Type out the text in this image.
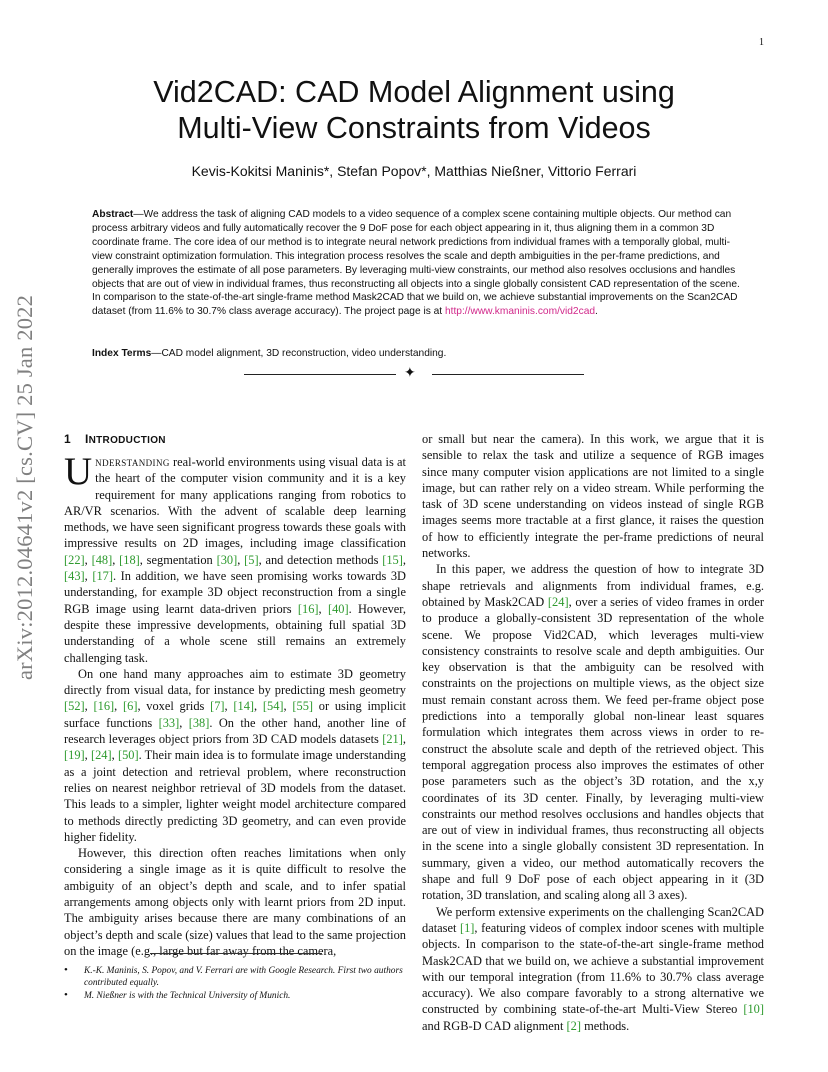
1
arXiv:2012.04641v2 [cs.CV] 25 Jan 2022
Vid2CAD: CAD Model Alignment using
Multi-View Constraints from Videos
Kevis-Kokitsi Maninis*, Stefan Popov*, Matthias Nießner, Vittorio Ferrari
Abstract—We address the task of aligning CAD models to a video sequence of a complex scene containing multiple objects. Our method can process arbitrary videos and fully automatically recover the 9 DoF pose for each object appearing in it, thus aligning them in a common 3D coordinate frame. The core idea of our method is to integrate neural network predictions from individual frames with a temporally global, multi-view constraint optimization formulation. This integration process resolves the scale and depth ambiguities in the per-frame predictions, and generally improves the estimate of all pose parameters. By leveraging multi-view constraints, our method also resolves occlusions and handles objects that are out of view in individual frames, thus reconstructing all objects into a single globally consistent CAD representation of the scene. In comparison to the state-of-the-art single-frame method Mask2CAD that we build on, we achieve substantial improvements on the Scan2CAD dataset (from 11.6% to 30.7% class average accuracy). The project page is at http://www.kmaninis.com/vid2cad.
Index Terms—CAD model alignment, 3D reconstruction, video understanding.
✦
1 INTRODUCTION

Understanding real-world environments using visual data is at the heart of the computer vision community and it is a key requirement for many applications ranging from robotics to AR/VR scenarios. With the advent of scalable deep learning methods, we have seen significant progress towards these goals with impressive results on 2D images, including image classification [22], [48], [18], segmentation [30], [5], and detection methods [15], [43], [17]. In addition, we have seen promising works towards 3D understanding, for example 3D object reconstruction from a single RGB image using learnt data-driven priors [16], [40]. However, despite these impressive developments, obtaining full spatial 3D understanding of a whole scene still remains an extremely challenging task.

On one hand many approaches aim to estimate 3D geometry directly from visual data, for instance by predicting mesh geometry [52], [16], [6], voxel grids [7], [14], [54], [55] or using implicit surface functions [33], [38]. On the other hand, another line of research leverages object priors from 3D CAD models datasets [21], [19], [24], [50]. Their main idea is to formulate image understanding as a joint detection and retrieval problem, where reconstruction relies on nearest neighbor retrieval of 3D models from the dataset. This leads to a simpler, lighter weight model architecture compared to methods directly predicting 3D geometry, and can even provide higher fidelity.

However, this direction often reaches limitations when only considering a single image as it is quite difficult to resolve the ambiguity of an object’s depth and scale, and to infer spatial arrangements among objects only with learnt priors from 2D input. The ambiguity arises because there are many combinations of an object’s depth and scale (size) values that lead to the same projection on the image (e.g., large but far away from the camera,

or small but near the camera). In this work, we argue that it is sensible to relax the task and utilize a sequence of RGB images since many computer vision applications are not limited to a single image, but can rather rely on a video stream. While performing the task of 3D scene understanding on videos instead of single RGB images seems more tractable at a first glance, it raises the question of how to efficiently integrate the per-frame predictions of neural networks.

In this paper, we address the question of how to integrate 3D shape retrievals and alignments from individual frames, e.g. obtained by Mask2CAD [24], over a series of video frames in order to produce a globally-consistent 3D representation of the whole scene. We propose Vid2CAD, which leverages multi-view consistency constraints to resolve scale and depth ambiguities. Our key observation is that the ambiguity can be resolved with constraints on the projections on multiple views, as the object size must remain constant across them. We feed per-frame object pose predictions into a temporally global non-linear least squares formulation which integrates them across views in order to reconstruct the absolute scale and depth of the retrieved object. This temporal aggregation process also improves the estimates of other pose parameters such as the object’s 3D rotation, and the x,y coordinates of its 3D center. Finally, by leveraging multi-view constraints our method resolves occlusions and handles objects that are out of view in individual frames, thus reconstructing all objects in the scene into a single globally consistent 3D representation. In summary, given a video, our method automatically recovers the shape and full 9 DoF pose of each object appearing in it (3D rotation, 3D translation, and scaling along all 3 axes).

We perform extensive experiments on the challenging Scan2CAD dataset [1], featuring videos of complex indoor scenes with multiple objects. In comparison to the state-of-the-art single-frame method Mask2CAD that we build on, we achieve a substantial improvement with our temporal integration (from 11.6% to 30.7% class average accuracy). We also compare favorably to a strong alternative we constructed by combining state-of-the-art Multi-View Stereo [10] and RGB-D CAD alignment [2] methods.

• K.-K. Maninis, S. Popov, and V. Ferrari are with Google Research. First two authors contributed equally.
• M. Nießner is with the Technical University of Munich.
